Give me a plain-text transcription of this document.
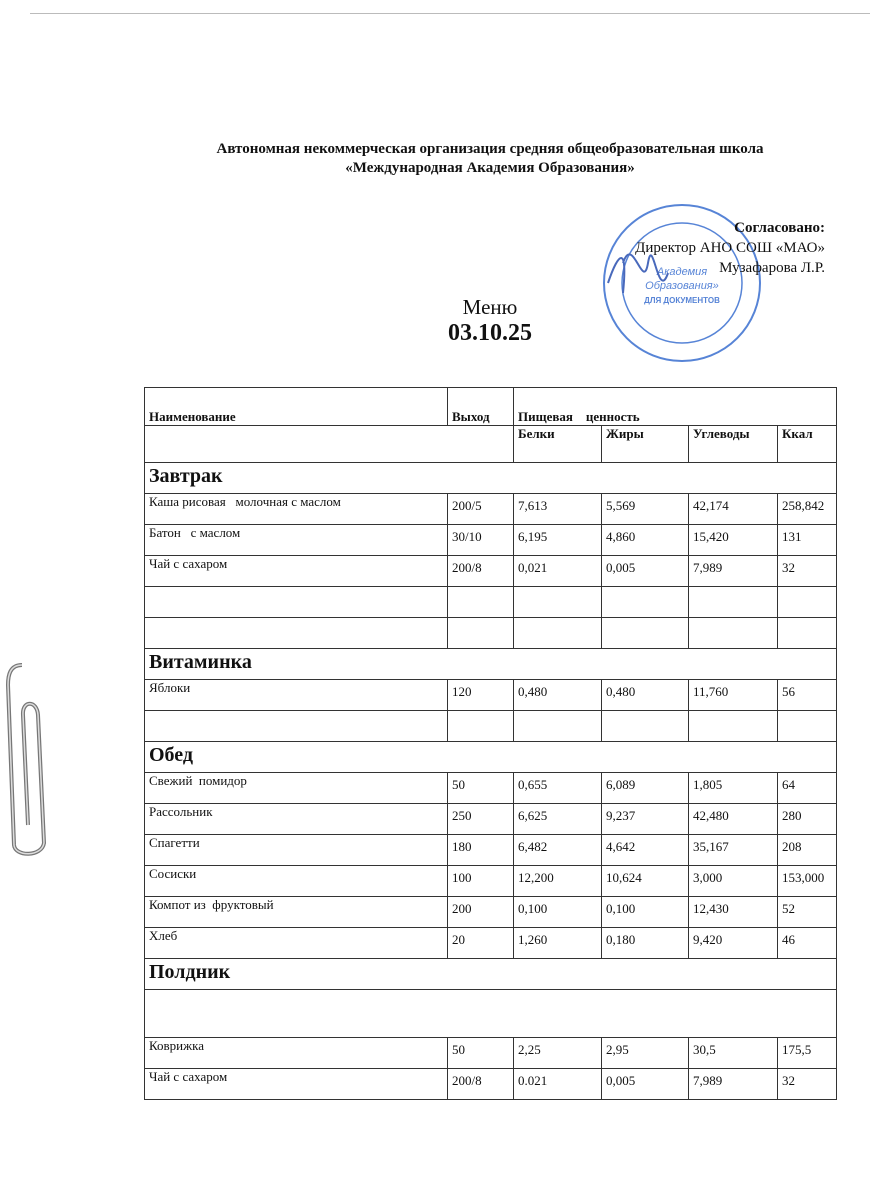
Автономная некоммерческая организация средняя общеобразовательная школа
«Международная Академия Образования»
Академия
Образования»
ДЛЯ ДОКУМЕНТОВ
Согласовано:
Директор АНО СОШ «МАО»
Музафарова Л.Р.
Меню
03.10.25
Наименование	Выход	Пищевая    ценность			
		Белки	Жиры	Углеводы	Ккал
Завтрак					
Каша рисовая   молочная с маслом	200/5	7,613	5,569	42,174	258,842
Батон   с маслом	30/10	6,195	4,860	15,420	131
Чай с сахаром	200/8	0,021	0,005	7,989	32

Витаминка					
Яблоки	120	0,480	0,480	11,760	56

Обед					
Свежий  помидор	50	0,655	6,089	1,805	64
Рассольник	250	6,625	9,237	42,480	280
Спагетти	180	6,482	4,642	35,167	208
Сосиски	100	12,200	10,624	3,000	153,000
Компот из  фруктовый	200	0,100	0,100	12,430	52
Хлеб	20	1,260	0,180	9,420	46
Полдник					

Коврижка	50	2,25	2,95	30,5	175,5
Чай с сахаром	200/8	0.021	0,005	7,989	32
